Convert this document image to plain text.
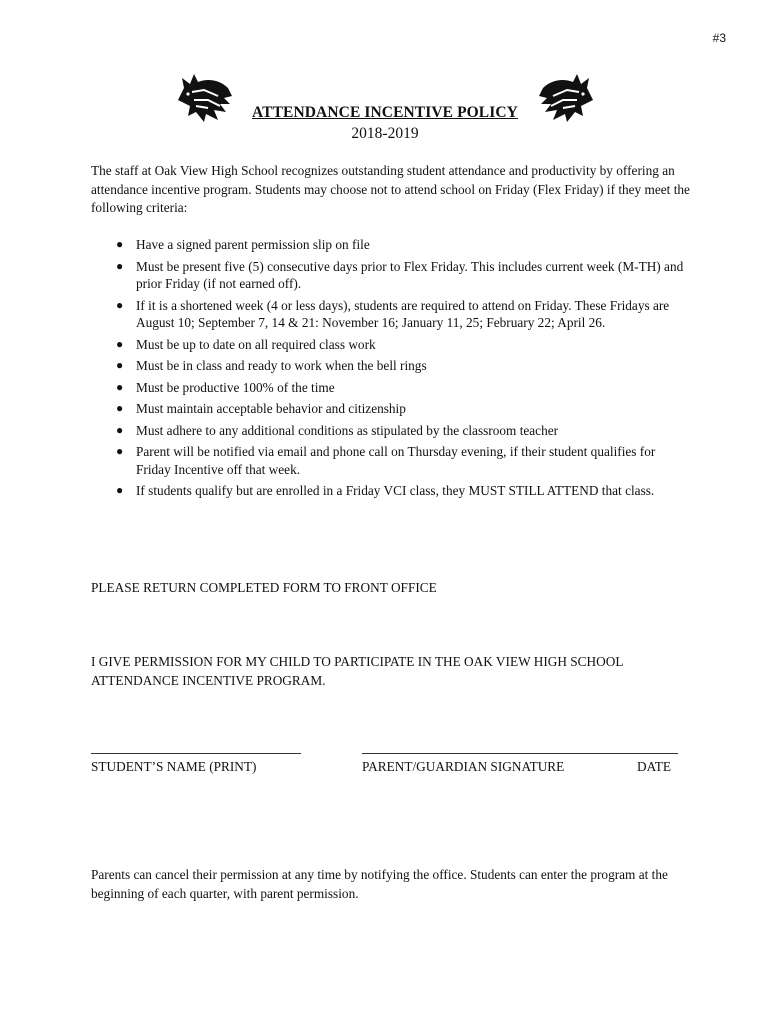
#3
ATTENDANCE INCENTIVE POLICY
2018-2019

The staff at Oak View High School recognizes outstanding student attendance and productivity by offering an attendance incentive program. Students may choose not to attend school on Friday (Flex Friday) if they meet the following criteria:

● Have a signed parent permission slip on file
● Must be present five (5) consecutive days prior to Flex Friday. This includes current week (M-TH) and prior Friday (if not earned off).
● If it is a shortened week (4 or less days), students are required to attend on Friday. These Fridays are August 10; September 7, 14 & 21: November 16; January 11, 25; February 22; April 26.
● Must be up to date on all required class work
● Must be in class and ready to work when the bell rings
● Must be productive 100% of the time
● Must maintain acceptable behavior and citizenship
● Must adhere to any additional conditions as stipulated by the classroom teacher
● Parent will be notified via email and phone call on Thursday evening, if their student qualifies for Friday Incentive off that week.
● If students qualify but are enrolled in a Friday VCI class, they MUST STILL ATTEND that class.

PLEASE RETURN COMPLETED FORM TO FRONT OFFICE

I GIVE PERMISSION FOR MY CHILD TO PARTICIPATE IN THE OAK VIEW HIGH SCHOOL ATTENDANCE INCENTIVE PROGRAM.

STUDENT’S NAME (PRINT)	PARENT/GUARDIAN SIGNATURE	DATE

Parents can cancel their permission at any time by notifying the office. Students can enter the program at the beginning of each quarter, with parent permission.
